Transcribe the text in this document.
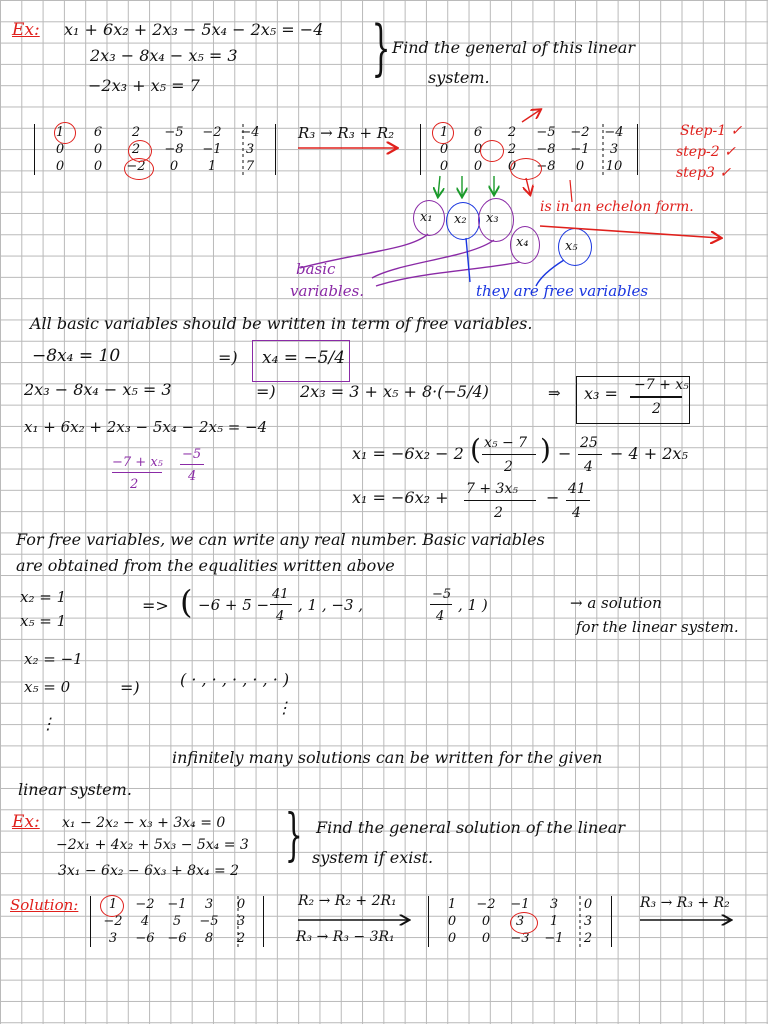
Ex: x₁ + 6x₂ + 2x₃ − 5x₄ − 2x₅ = −4
2x₃ − 8x₄ − x₅ = 3
−2x₃ + x₅ = 7
} Find the general of this linear
system.
1	6	2	−5	−2	−4
0	0	2	−8	−1	3
0	0	−2	0	1	7
R₃ → R₃ + R₂	1	6	2	−5	−2	−4
0	0	2	−8	−1	3
0	0	0	−8	0	10
Step-1 ✓
step-2 ✓
step3 ✓
is in an echelon form.
x₁ x₂ x₃
x₄	x₅
basic
variables.	they are free variables
All basic variables should be written in term of free variables.
−8x₄ = 10	=) x₄ = −5/4
2x₃ − 8x₄ − x₅ = 3	=) 2x₃ = 3 + x₅ + 8·(−5/4)	⇒ x₃ = −7 + x₅
2
x₁ + 6x₂ + 2x₃ − 5x₄ − 2x₅ = −4
−7 + x₅
2
−5
4
x₁ = −6x₂ − 2 ( x₅ − 7
2
) −
25
4
− 4 + 2x₅
x₁ = −6x₂ + 7 + 3x₅
2
− 41
4
For free variables, we can write any real number. Basic variables
are obtained from the equalities written above
x₂ = 1
x₅ = 1
=> ( −6 + 5 −
41
4
, 1 , −3 ,
−5
4
, 1 )	→ a solution
for the linear system.
x₂ = −1
x₅ = 0	=)	( · , · , · , · , · )
⋮
⋮
infinitely many solutions can be written for the given
linear system.
Ex: x₁ − 2x₂ − x₃ + 3x₄ = 0
−2x₁ + 4x₂ + 5x₃ − 5x₄ = 3
3x₁ − 6x₂ − 6x₃ + 8x₄ = 2
} Find the general solution of the linear
system if exist.
Solution:	1	−2 −1	3	0
−2	4	5	−5	3
3	−6 −6	8	2
R₂ → R₂ + 2R₁
R₃ → R₃ − 3R₁
1	−2	−1	3	0
0	0	3	1	3
0	0	−3	−1	2
R₃ → R₃ + R₂
